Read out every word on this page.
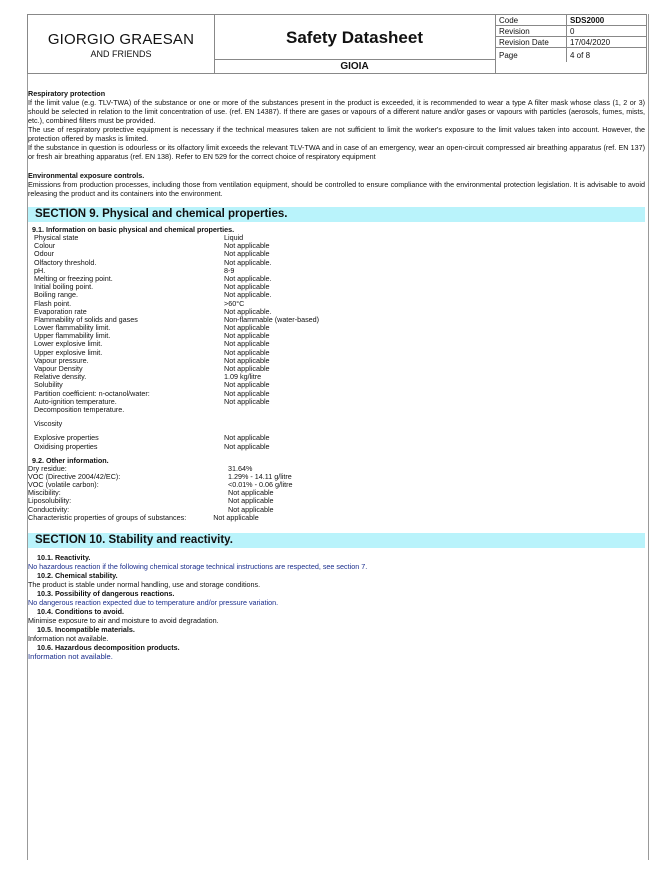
GIORGIO GRAESAN
AND FRIENDS
Safety Datasheet
GIOIA
Code	SDS2000
Revision	0
Revision Date	17/04/2020
Page	4 of 8
Respiratory protection
If the limit value (e.g. TLV-TWA) of the substance or one or more of the substances present in the product is exceeded, it is recommended to wear a type A filter mask whose class (1, 2 or 3) should be selected in relation to the limit concentration of use. (ref. EN 14387). If there are gases or vapours of a different nature and/or gases or vapours with particles (aerosols, fumes, mists, etc.), combined filters must be provided.
The use of respiratory protective equipment is necessary if the technical measures taken are not sufficient to limit the worker's exposure to the limit values taken into account. However, the protection offered by masks is limited.
If the substance in question is odourless or its olfactory limit exceeds the relevant TLV-TWA and in case of an emergency, wear an open-circuit compressed air breathing apparatus (ref. EN 137) or fresh air breathing apparatus (ref. EN 138). Refer to EN 529 for the correct choice of respiratory equipment
Environmental exposure controls.
Emissions from production processes, including those from ventilation equipment, should be controlled to ensure compliance with the environmental protection legislation. It is advisable to avoid releasing the product and its containers into the environment.
SECTION 9. Physical and chemical properties.
9.1. Information on basic physical and chemical properties.
Physical state	Liquid
Colour	Not applicable
Odour	Not applicable
Olfactory threshold.	Not applicable.
pH.	8-9
Melting or freezing point.	Not applicable.
Initial boiling point.	Not applicable
Boiling range.	Not applicable.
Flash point.	>60°C
Evaporation rate	Not applicable.
Flammability of solids and gases	Non-flammable (water-based)
Lower flammability limit.	Not applicable
Upper flammability limit.	Not applicable
Lower explosive limit.	Not applicable
Upper explosive limit.	Not applicable
Vapour pressure.	Not applicable
Vapour Density	Not applicable
Relative density.	1.09 kg/litre
Solubility	Not applicable
Partition coefficient: n-octanol/water:	Not applicable
Auto-ignition temperature.	Not applicable
Decomposition temperature.
Viscosity
Explosive properties	Not applicable
Oxidising properties	Not applicable
9.2. Other information.
Dry residue:	31.64%
VOC (Directive 2004/42/EC):	1.29% - 14.11 g/litre
VOC (volatile carbon):	<0.01% - 0.06 g/litre
Miscibility:	Not applicable
Liposolubility:	Not applicable
Conductivity:	Not applicable
Characteristic properties of groups of substances:	Not applicable
SECTION 10. Stability and reactivity.
10.1. Reactivity.
No hazardous reaction if the following chemical storage technical instructions are respected, see section 7.
10.2. Chemical stability.
The product is stable under normal handling, use and storage conditions.
10.3. Possibility of dangerous reactions.
No dangerous reaction expected due to temperature and/or pressure variation.
10.4. Conditions to avoid.
Minimise exposure to air and moisture to avoid degradation.
10.5. Incompatible materials.
Information not available.
10.6. Hazardous decomposition products.
Information not available.
